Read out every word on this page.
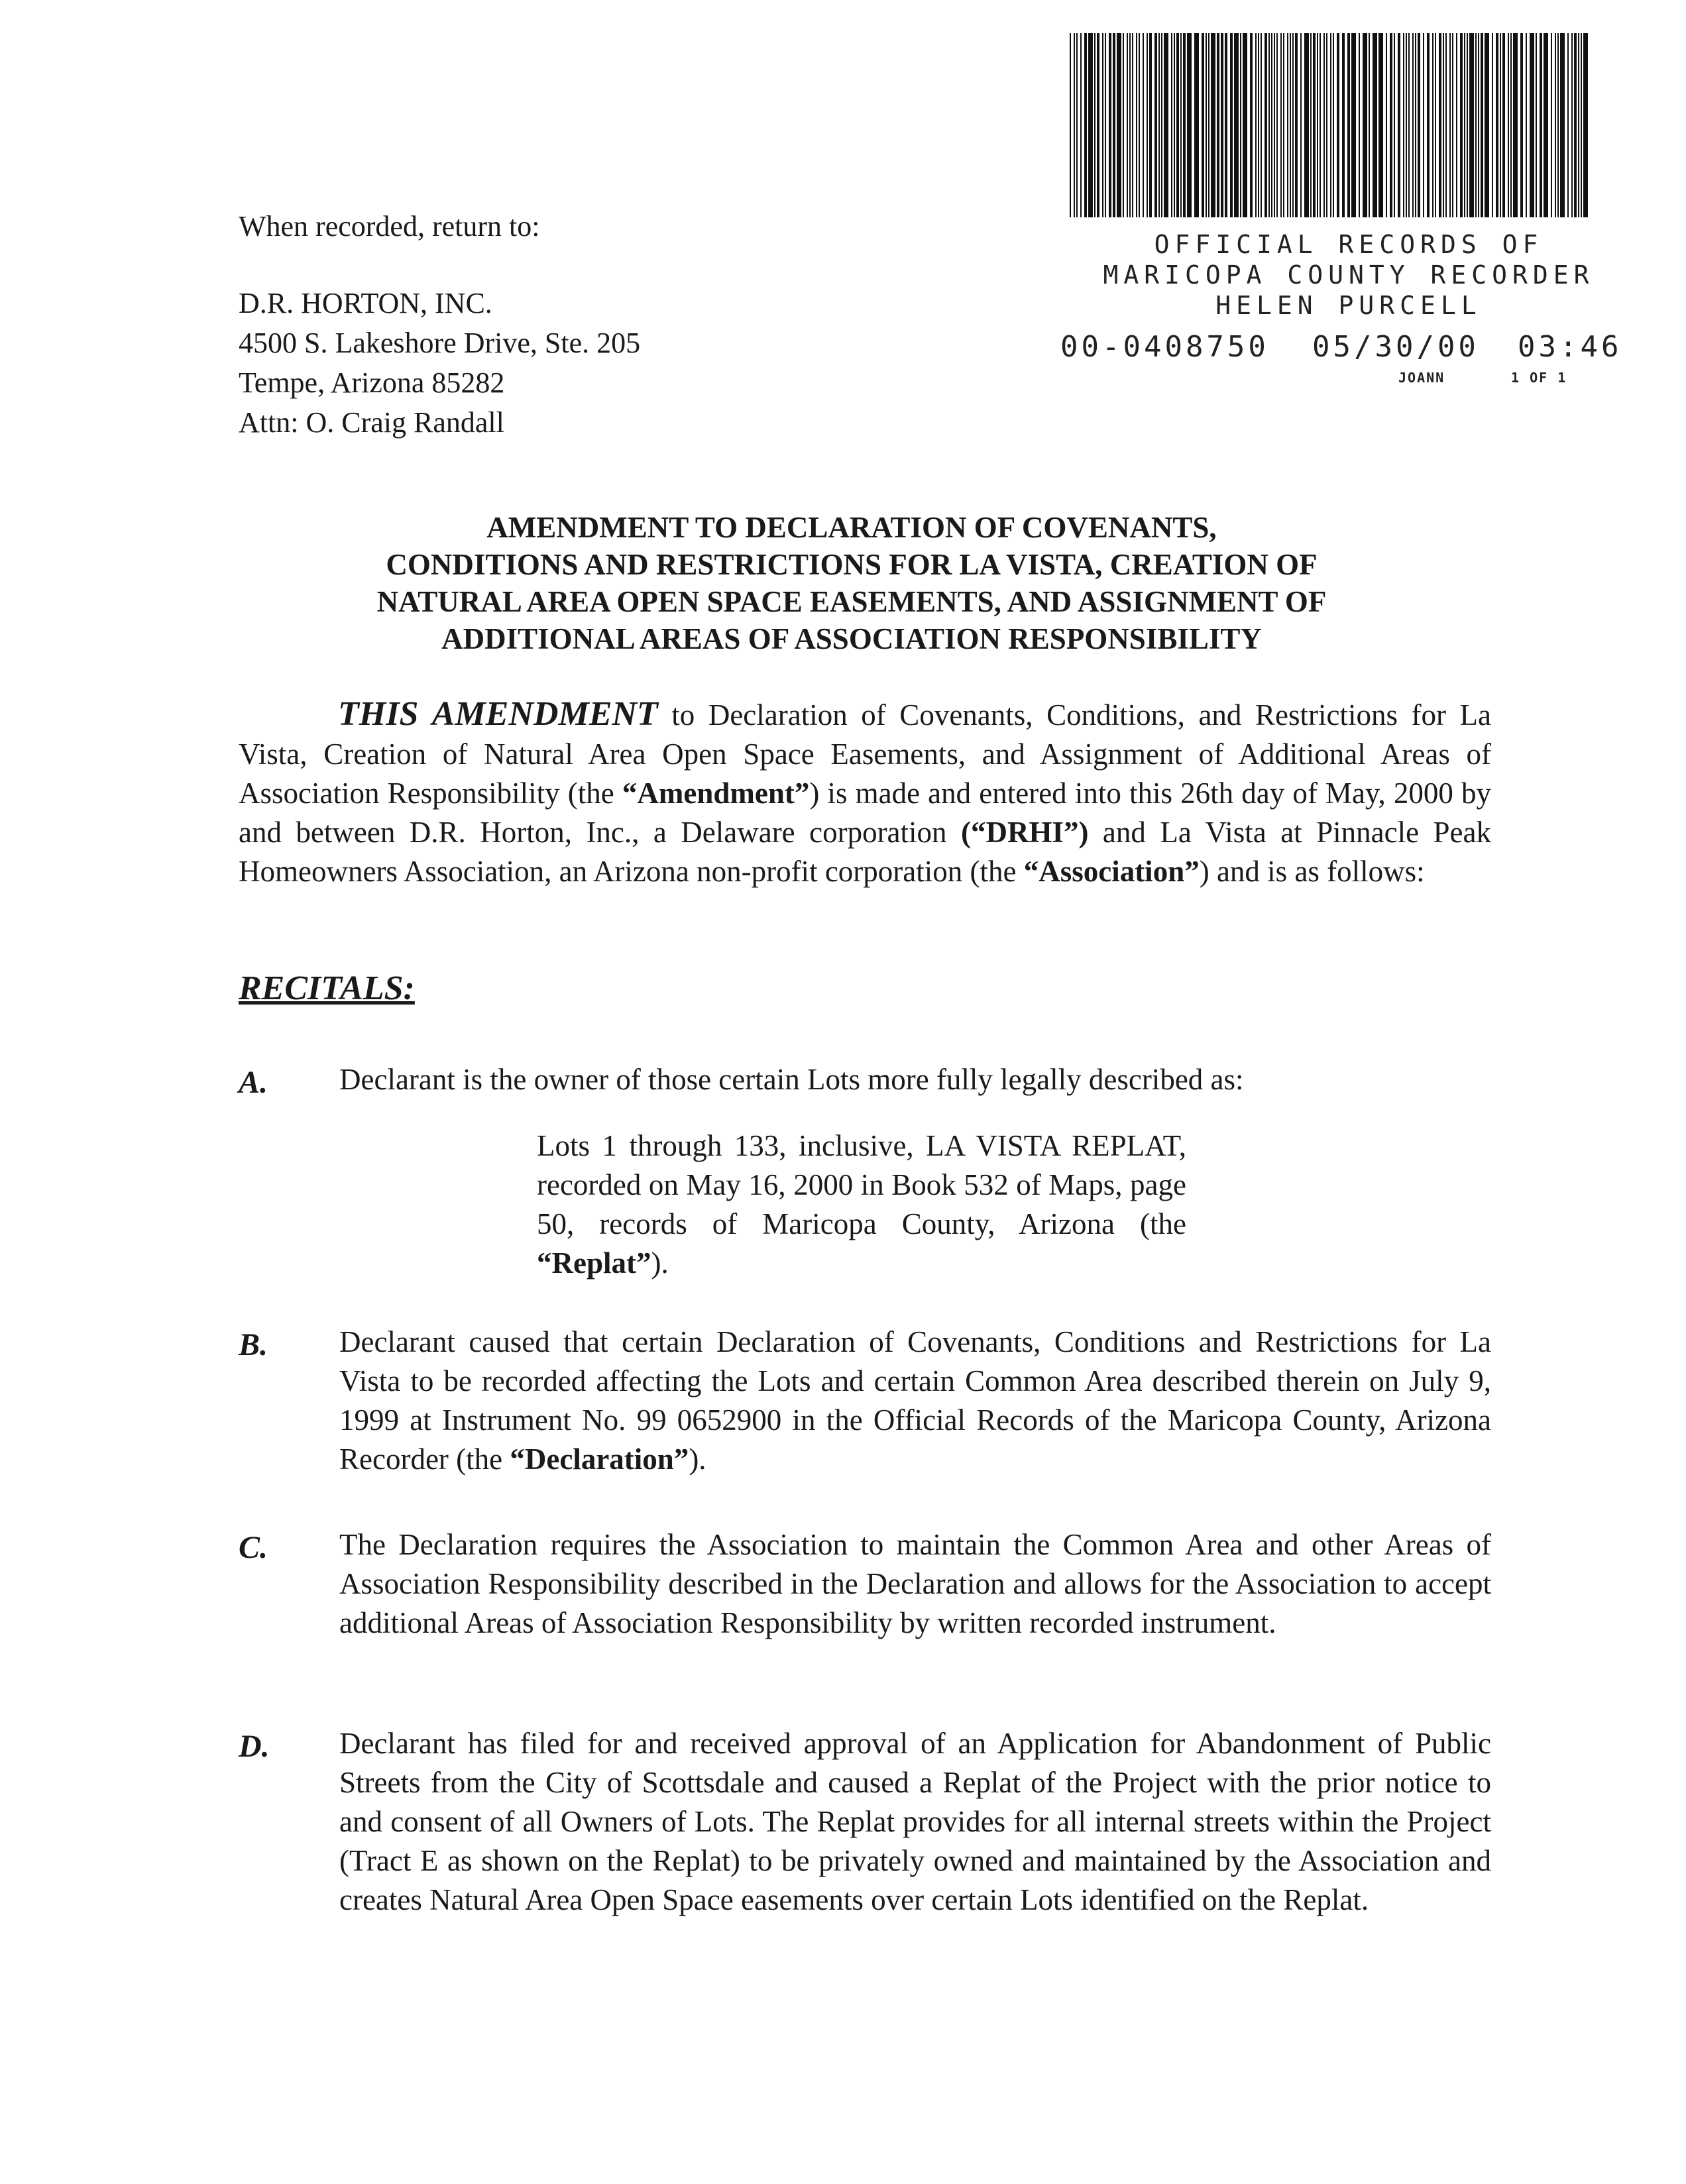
OFFICIAL RECORDS OF
MARICOPA COUNTY RECORDER
HELEN PURCELL
00-0408750 05/30/00 03:46
JOANN	1 OF 1
When recorded, return to:
D.R. HORTON, INC.
4500 S. Lakeshore Drive, Ste. 205
Tempe, Arizona 85282
Attn: O. Craig Randall
AMENDMENT TO DECLARATION OF COVENANTS,
CONDITIONS AND RESTRICTIONS FOR LA VISTA, CREATION OF
NATURAL AREA OPEN SPACE EASEMENTS, AND ASSIGNMENT OF
ADDITIONAL AREAS OF ASSOCIATION RESPONSIBILITY
THIS AMENDMENT to Declaration of Covenants, Conditions, and Restrictions for La Vista, Creation of Natural Area Open Space Easements, and Assignment of Additional Areas of Association Responsibility (the “Amendment”) is made and entered into this 26th day of May, 2000 by and between D.R. Horton, Inc., a Delaware corporation (“DRHI”) and La Vista at Pinnacle Peak Homeowners Association, an Arizona non-profit corporation (the “Association”) and is as follows:
RECITALS:
A. Declarant is the owner of those certain Lots more fully legally described as:
Lots 1 through 133, inclusive, LA VISTA REPLAT, recorded on May 16, 2000 in Book 532 of Maps, page 50, records of Maricopa County, Arizona (the “Replat”).
B. Declarant caused that certain Declaration of Covenants, Conditions and Restrictions for La Vista to be recorded affecting the Lots and certain Common Area described therein on July 9, 1999 at Instrument No. 99 0652900 in the Official Records of the Maricopa County, Arizona Recorder (the “Declaration”).
C. The Declaration requires the Association to maintain the Common Area and other Areas of Association Responsibility described in the Declaration and allows for the Association to accept additional Areas of Association Responsibility by written recorded instrument.
D. Declarant has filed for and received approval of an Application for Abandonment of Public Streets from the City of Scottsdale and caused a Replat of the Project with the prior notice to and consent of all Owners of Lots. The Replat provides for all internal streets within the Project (Tract E as shown on the Replat) to be privately owned and maintained by the Association and creates Natural Area Open Space easements over certain Lots identified on the Replat.
